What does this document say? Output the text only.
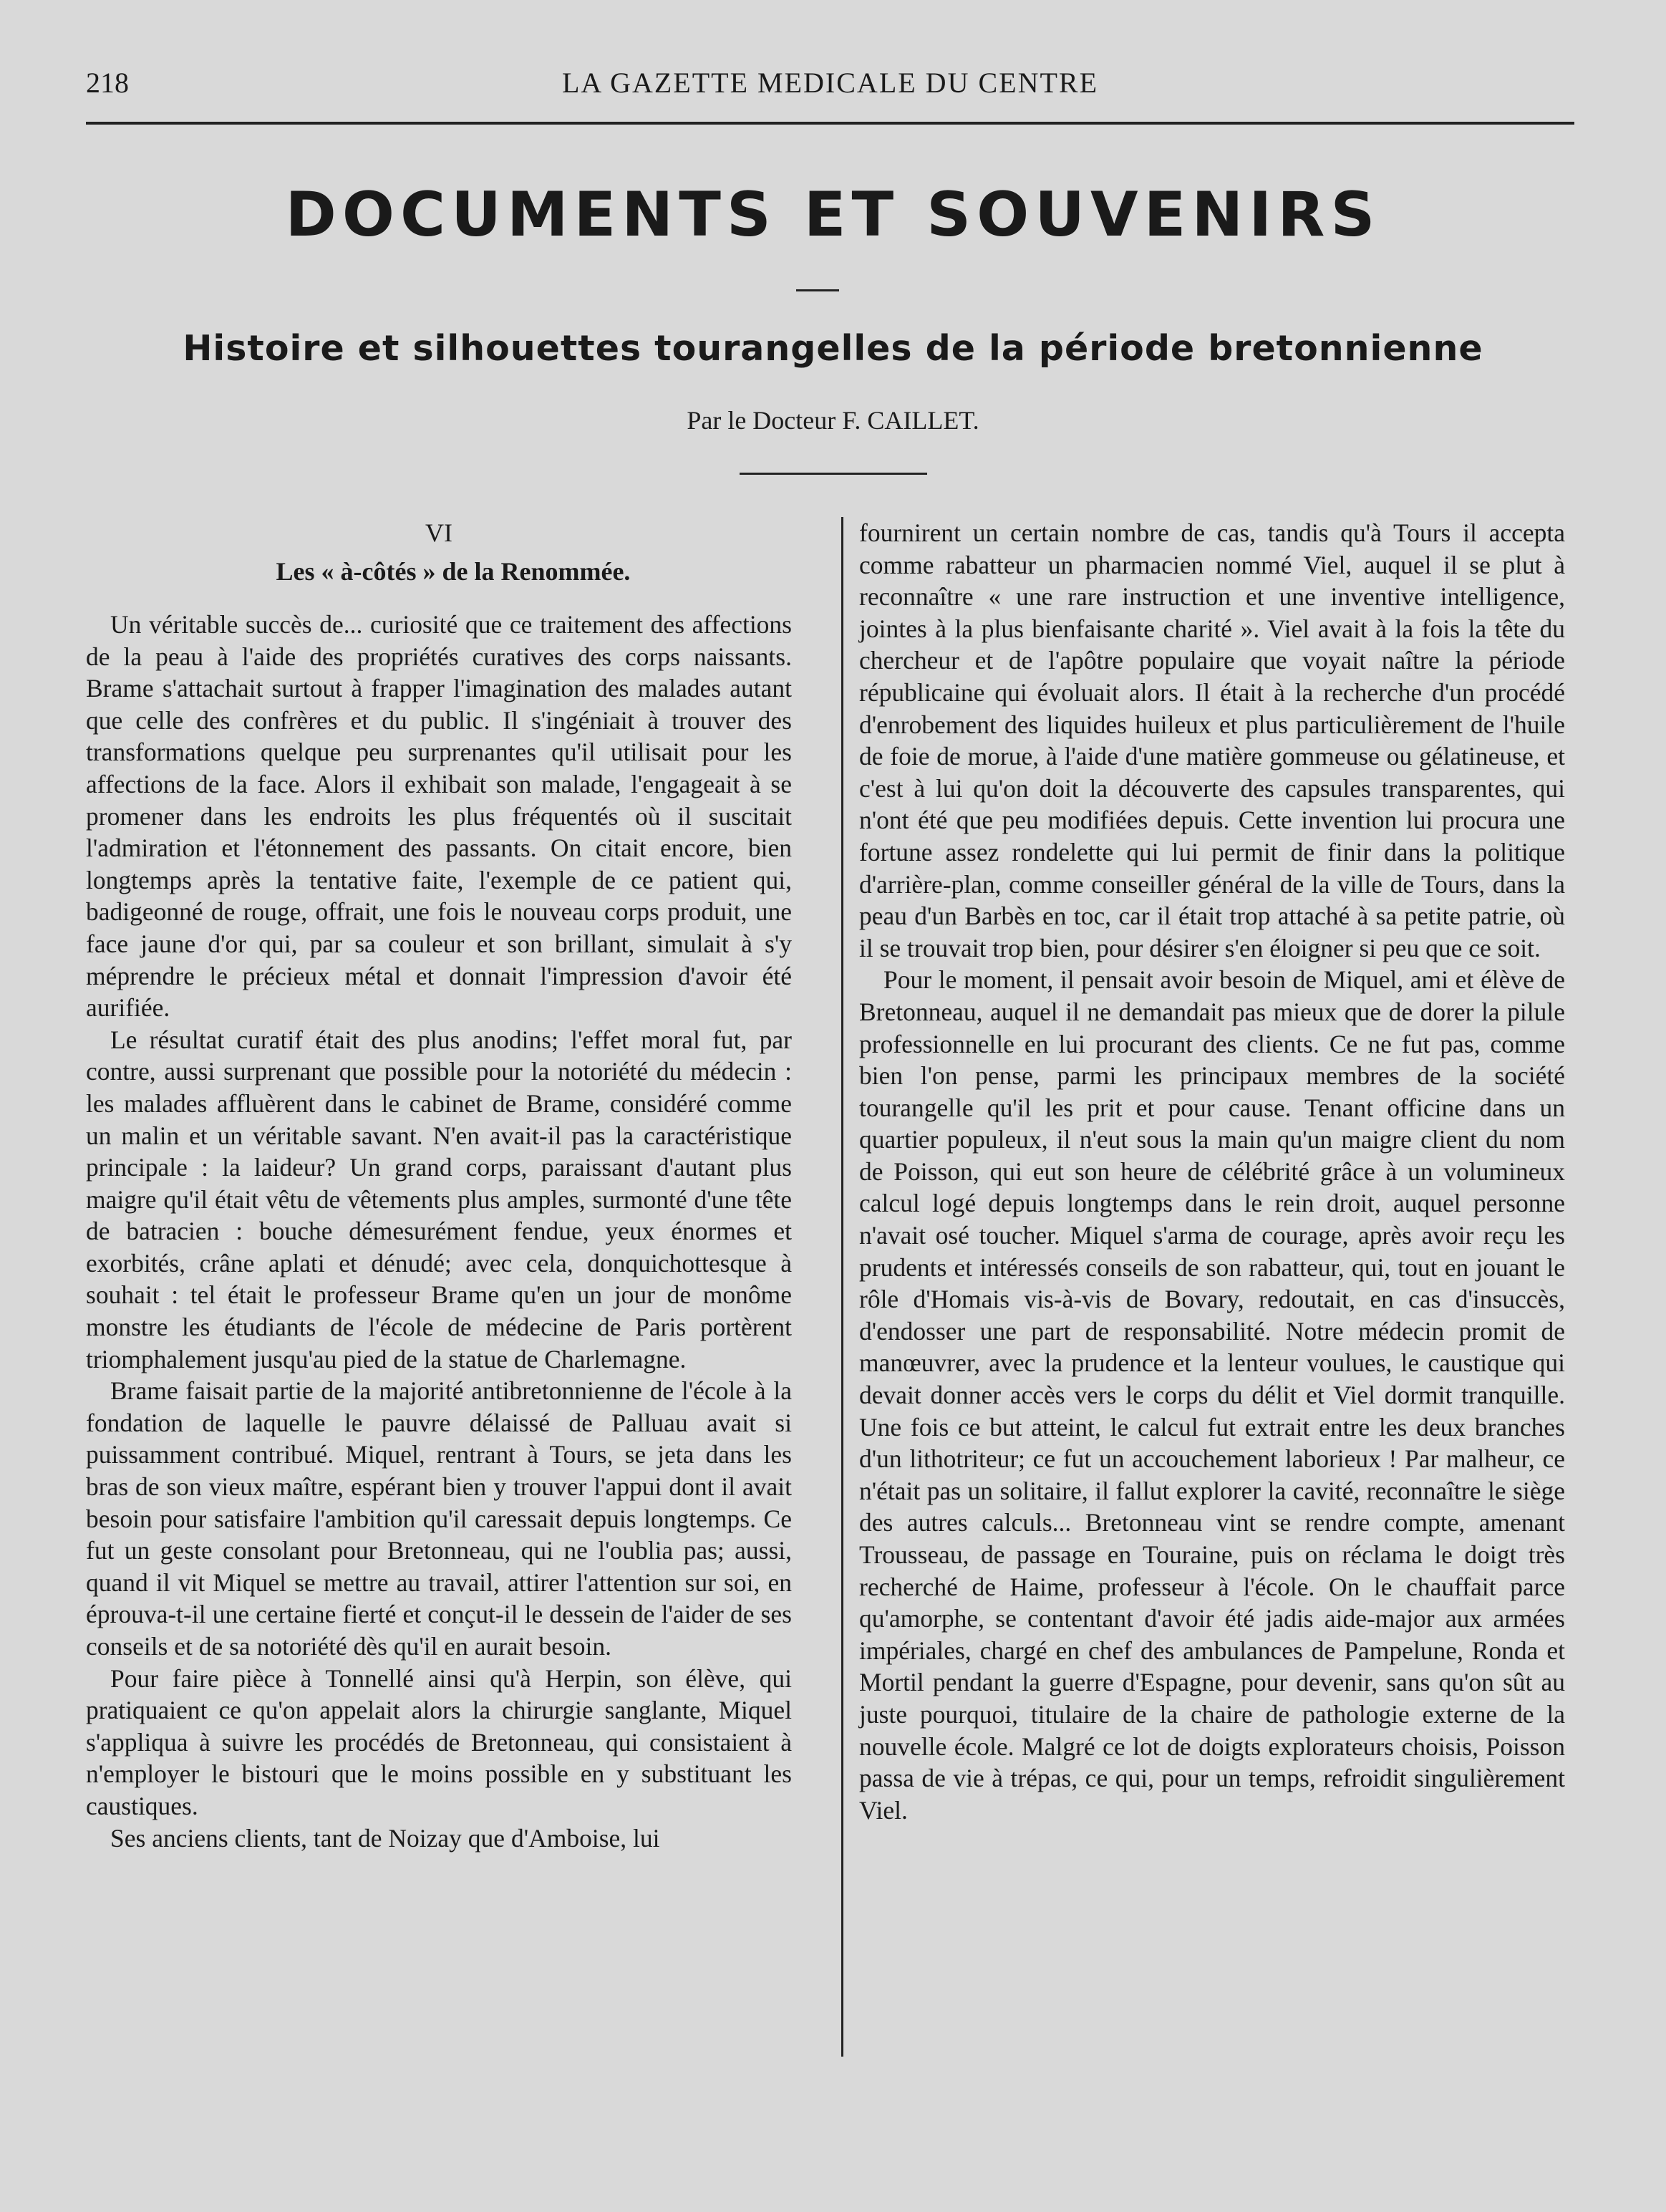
218	LA GAZETTE MEDICALE DU CENTRE
DOCUMENTS ET SOUVENIRS
Histoire et silhouettes tourangelles de la période bretonnienne
Par le Docteur F. CAILLET.
VI
Les « à-côtés » de la Renommée.

Un véritable succès de... curiosité que ce traitement des affections de la peau à l'aide des propriétés curatives des corps naissants. Brame s'attachait surtout à frapper l'imagination des malades autant que celle des confrères et du public. Il s'ingéniait à trouver des transformations quelque peu surprenantes qu'il utilisait pour les affections de la face. Alors il exhibait son malade, l'engageait à se promener dans les endroits les plus fréquentés où il suscitait l'admiration et l'étonnement des passants. On citait encore, bien longtemps après la tentative faite, l'exemple de ce patient qui, badigeonné de rouge, offrait, une fois le nouveau corps produit, une face jaune d'or qui, par sa couleur et son brillant, simulait à s'y méprendre le précieux métal et donnait l'impression d'avoir été aurifiée.

Le résultat curatif était des plus anodins; l'effet moral fut, par contre, aussi surprenant que possible pour la notoriété du médecin : les malades affluèrent dans le cabinet de Brame, considéré comme un malin et un véritable savant. N'en avait-il pas la caractéristique principale : la laideur? Un grand corps, paraissant d'autant plus maigre qu'il était vêtu de vêtements plus amples, surmonté d'une tête de batracien : bouche démesurément fendue, yeux énormes et exorbités, crâne aplati et dénudé; avec cela, donquichottesque à souhait : tel était le professeur Brame qu'en un jour de monôme monstre les étudiants de l'école de médecine de Paris portèrent triomphalement jusqu'au pied de la statue de Charlemagne.

Brame faisait partie de la majorité antibretonnienne de l'école à la fondation de laquelle le pauvre délaissé de Palluau avait si puissamment contribué. Miquel, rentrant à Tours, se jeta dans les bras de son vieux maître, espérant bien y trouver l'appui dont il avait besoin pour satisfaire l'ambition qu'il caressait depuis longtemps. Ce fut un geste consolant pour Bretonneau, qui ne l'oublia pas; aussi, quand il vit Miquel se mettre au travail, attirer l'attention sur soi, en éprouva-t-il une certaine fierté et conçut-il le dessein de l'aider de ses conseils et de sa notoriété dès qu'il en aurait besoin.

Pour faire pièce à Tonnellé ainsi qu'à Herpin, son élève, qui pratiquaient ce qu'on appelait alors la chirurgie sanglante, Miquel s'appliqua à suivre les procédés de Bretonneau, qui consistaient à n'employer le bistouri que le moins possible en y substituant les caustiques.

Ses anciens clients, tant de Noizay que d'Amboise, lui

fournirent un certain nombre de cas, tandis qu'à Tours il accepta comme rabatteur un pharmacien nommé Viel, auquel il se plut à reconnaître « une rare instruction et une inventive intelligence, jointes à la plus bienfaisante charité ». Viel avait à la fois la tête du chercheur et de l'apôtre populaire que voyait naître la période républicaine qui évoluait alors. Il était à la recherche d'un procédé d'enrobement des liquides huileux et plus particulièrement de l'huile de foie de morue, à l'aide d'une matière gommeuse ou gélatineuse, et c'est à lui qu'on doit la découverte des capsules transparentes, qui n'ont été que peu modifiées depuis. Cette invention lui procura une fortune assez rondelette qui lui permit de finir dans la politique d'arrière-plan, comme conseiller général de la ville de Tours, dans la peau d'un Barbès en toc, car il était trop attaché à sa petite patrie, où il se trouvait trop bien, pour désirer s'en éloigner si peu que ce soit.

Pour le moment, il pensait avoir besoin de Miquel, ami et élève de Bretonneau, auquel il ne demandait pas mieux que de dorer la pilule professionnelle en lui procurant des clients. Ce ne fut pas, comme bien l'on pense, parmi les principaux membres de la société tourangelle qu'il les prit et pour cause. Tenant officine dans un quartier populeux, il n'eut sous la main qu'un maigre client du nom de Poisson, qui eut son heure de célébrité grâce à un volumineux calcul logé depuis longtemps dans le rein droit, auquel personne n'avait osé toucher. Miquel s'arma de courage, après avoir reçu les prudents et intéressés conseils de son rabatteur, qui, tout en jouant le rôle d'Homais vis-à-vis de Bovary, redoutait, en cas d'insuccès, d'endosser une part de responsabilité. Notre médecin promit de manœuvrer, avec la prudence et la lenteur voulues, le caustique qui devait donner accès vers le corps du délit et Viel dormit tranquille. Une fois ce but atteint, le calcul fut extrait entre les deux branches d'un lithotriteur; ce fut un accouchement laborieux ! Par malheur, ce n'était pas un solitaire, il fallut explorer la cavité, reconnaître le siège des autres calculs... Bretonneau vint se rendre compte, amenant Trousseau, de passage en Touraine, puis on réclama le doigt très recherché de Haime, professeur à l'école. On le chauffait parce qu'amorphe, se contentant d'avoir été jadis aide-major aux armées impériales, chargé en chef des ambulances de Pampelune, Ronda et Mortil pendant la guerre d'Espagne, pour devenir, sans qu'on sût au juste pourquoi, titulaire de la chaire de pathologie externe de la nouvelle école. Malgré ce lot de doigts explorateurs choisis, Poisson passa de vie à trépas, ce qui, pour un temps, refroidit singulièrement Viel.
